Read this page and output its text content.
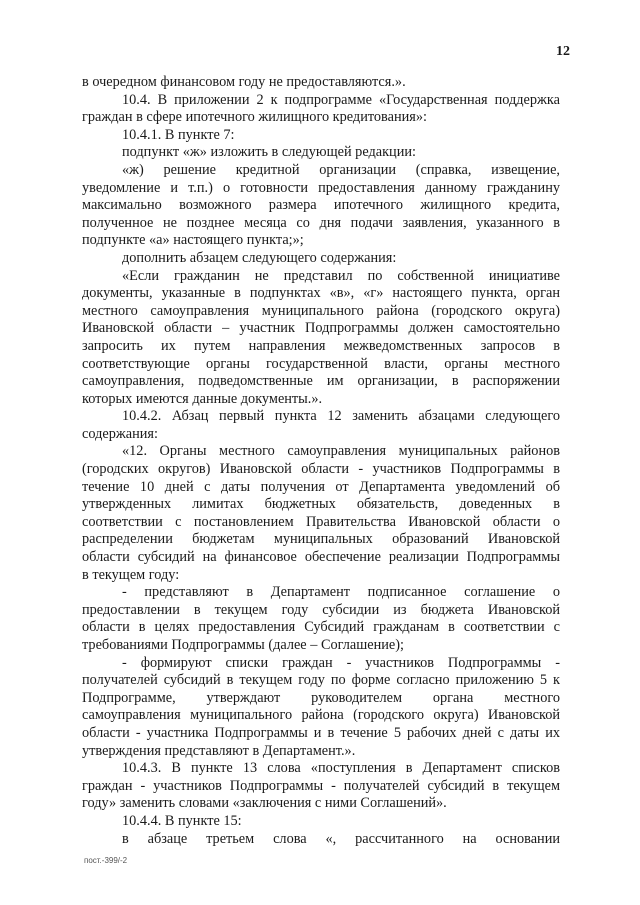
12
в очередном финансовом году не предоставляются.».
10.4. В приложении 2 к подпрограмме «Государственная поддержка
граждан в сфере ипотечного жилищного кредитования»:
10.4.1. В пункте 7:
подпункт «ж» изложить в следующей редакции:
«ж) решение кредитной организации (справка, извещение,
уведомление и т.п.) о готовности предоставления данному гражданину
максимально возможного размера ипотечного жилищного кредита,
полученное не позднее месяца со дня подачи заявления, указанного в
подпункте «а» настоящего пункта;»;
дополнить абзацем следующего содержания:
«Если гражданин не представил по собственной инициативе
документы, указанные в подпунктах «в», «г» настоящего пункта, орган
местного самоуправления муниципального района (городского округа)
Ивановской области – участник Подпрограммы должен самостоятельно
запросить их путем направления межведомственных запросов в
соответствующие органы государственной власти, органы местного
самоуправления, подведомственные им организации, в распоряжении
которых имеются данные документы.».
10.4.2. Абзац первый пункта 12 заменить абзацами следующего
содержания:
«12. Органы местного самоуправления муниципальных районов
(городских округов) Ивановской области - участников Подпрограммы в
течение 10 дней с даты получения от Департамента уведомлений об
утвержденных лимитах бюджетных обязательств, доведенных в
соответствии с постановлением Правительства Ивановской области о
распределении бюджетам муниципальных образований Ивановской
области субсидий на финансовое обеспечение реализации Подпрограммы
в текущем году:
- представляют в Департамент подписанное соглашение о
предоставлении в текущем году субсидии из бюджета Ивановской
области в целях предоставления Субсидий гражданам в соответствии с
требованиями Подпрограммы (далее – Соглашение);
- формируют списки граждан - участников Подпрограммы -
получателей субсидий в текущем году по форме согласно приложению 5 к
Подпрограмме, утверждают руководителем органа местного
самоуправления муниципального района (городского округа) Ивановской
области - участника Подпрограммы и в течение 5 рабочих дней с даты их
утверждения представляют в Департамент.».
10.4.3. В пункте 13 слова «поступления в Департамент списков
граждан - участников Подпрограммы - получателей субсидий в текущем
году» заменить словами «заключения с ними Соглашений».
10.4.4. В пункте 15:
в абзаце третьем слова «, рассчитанного на основании
пост.-399/-2
